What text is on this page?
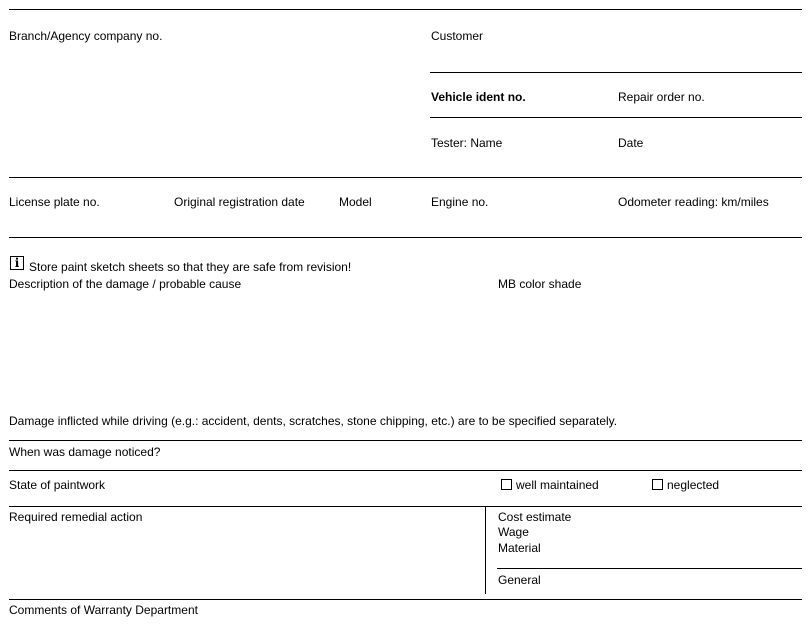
Branch/Agency company no.	Customer
Vehicle ident no.	Repair order no.
Tester: Name	Date
License plate no.	Original registration date	Model	Engine no.	Odometer reading: km/miles
i Store paint sketch sheets so that they are safe from revision!
Description of the damage / probable cause	MB color shade
Damage inflicted while driving (e.g.: accident, dents, scratches, stone chipping, etc.) are to be specified separately.
When was damage noticed?
State of paintwork	well maintained	neglected
Required remedial action	Cost estimate
Wage
Material
General
Comments of Warranty Department
